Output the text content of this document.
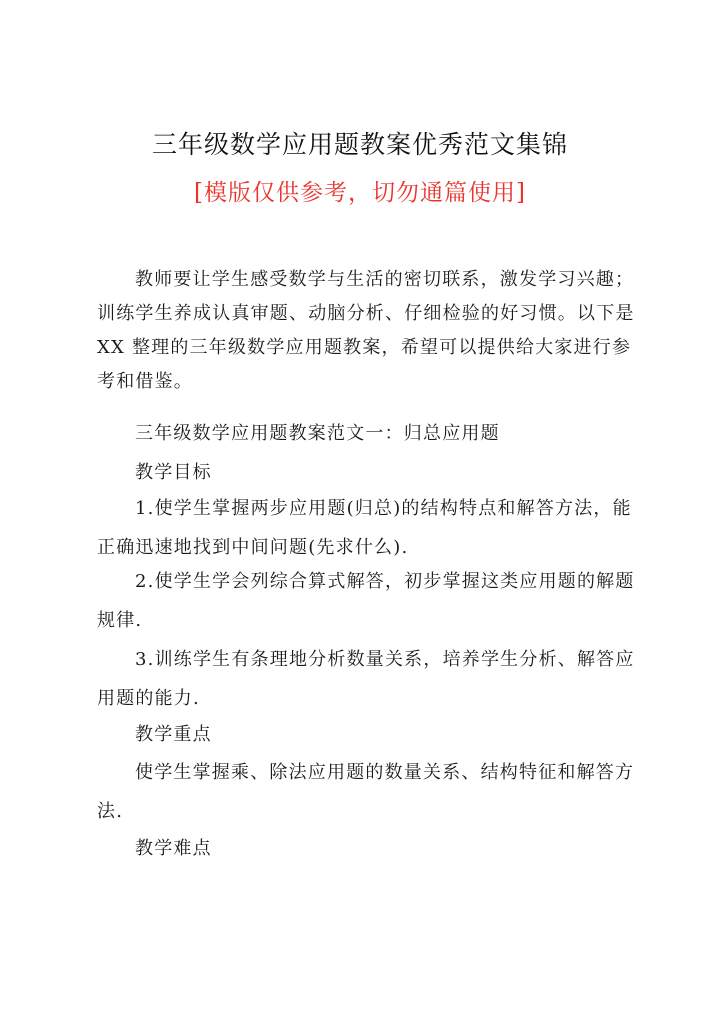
三年级数学应用题教案优秀范文集锦
[模版仅供参考，切勿通篇使用]
教师要让学生感受数学与生活的密切联系，激发学习兴趣；
训练学生养成认真审题、动脑分析、仔细检验的好习惯。以下是
XX 整理的三年级数学应用题教案，希望可以提供给大家进行参
考和借鉴。
三年级数学应用题教案范文一：归总应用题
教学目标
1.使学生掌握两步应用题(归总)的结构特点和解答方法，能
正确迅速地找到中间问题(先求什么).
2.使学生学会列综合算式解答，初步掌握这类应用题的解题
规律.
3.训练学生有条理地分析数量关系，培养学生分析、解答应
用题的能力.
教学重点
使学生掌握乘、除法应用题的数量关系、结构特征和解答方
法.
教学难点
